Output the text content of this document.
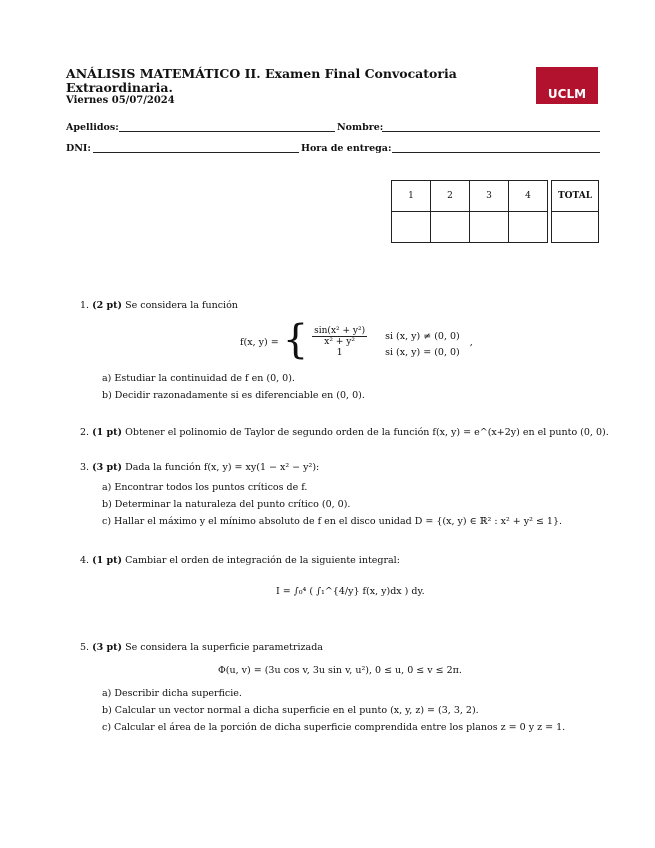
ANÁLISIS MATEMÁTICO II. Examen Final Convocatoria Extraordinaria.
Viernes 05/07/2024	UCLM
Apellidos:	Nombre:
DNI:	Hora de entrega:
1	2	3	4		TOTAL

1. (2 pt) Se considera la función
f(x, y) = { $\frac{\text{sin(x² + y²)}}{\text{x² + y²}}$ si (x, y) ≠ (0, 0)
1	si (x, y) = (0, 0)
,
a) Estudiar la continuidad de f en (0, 0).
b) Decidir razonadamente si es diferenciable en (0, 0).
2. (1 pt) Obtener el polinomio de Taylor de segundo orden de la función f(x, y) = e^(x+2y) en el punto (0, 0).
3. (3 pt) Dada la función f(x, y) = xy(1 − x² − y²):
a) Encontrar todos los puntos críticos de f.
b) Determinar la naturaleza del punto crítico (0, 0).
c) Hallar el máximo y el mínimo absoluto de f en el disco unidad D = {(x, y) ∈ ℝ² : x² + y² ≤ 1}.
4. (1 pt) Cambiar el orden de integración de la siguiente integral:
I = ∫₀⁴ ( ∫₁^{4/y} f(x, y)dx ) dy.
5. (3 pt) Se considera la superficie parametrizada
Φ(u, v) = (3u cos v, 3u sin v, u²), 0 ≤ u, 0 ≤ v ≤ 2π.
a) Describir dicha superficie.
b) Calcular un vector normal a dicha superficie en el punto (x, y, z) = (3, 3, 2).
c) Calcular el área de la porción de dicha superficie comprendida entre los planos z = 0 y z = 1.
